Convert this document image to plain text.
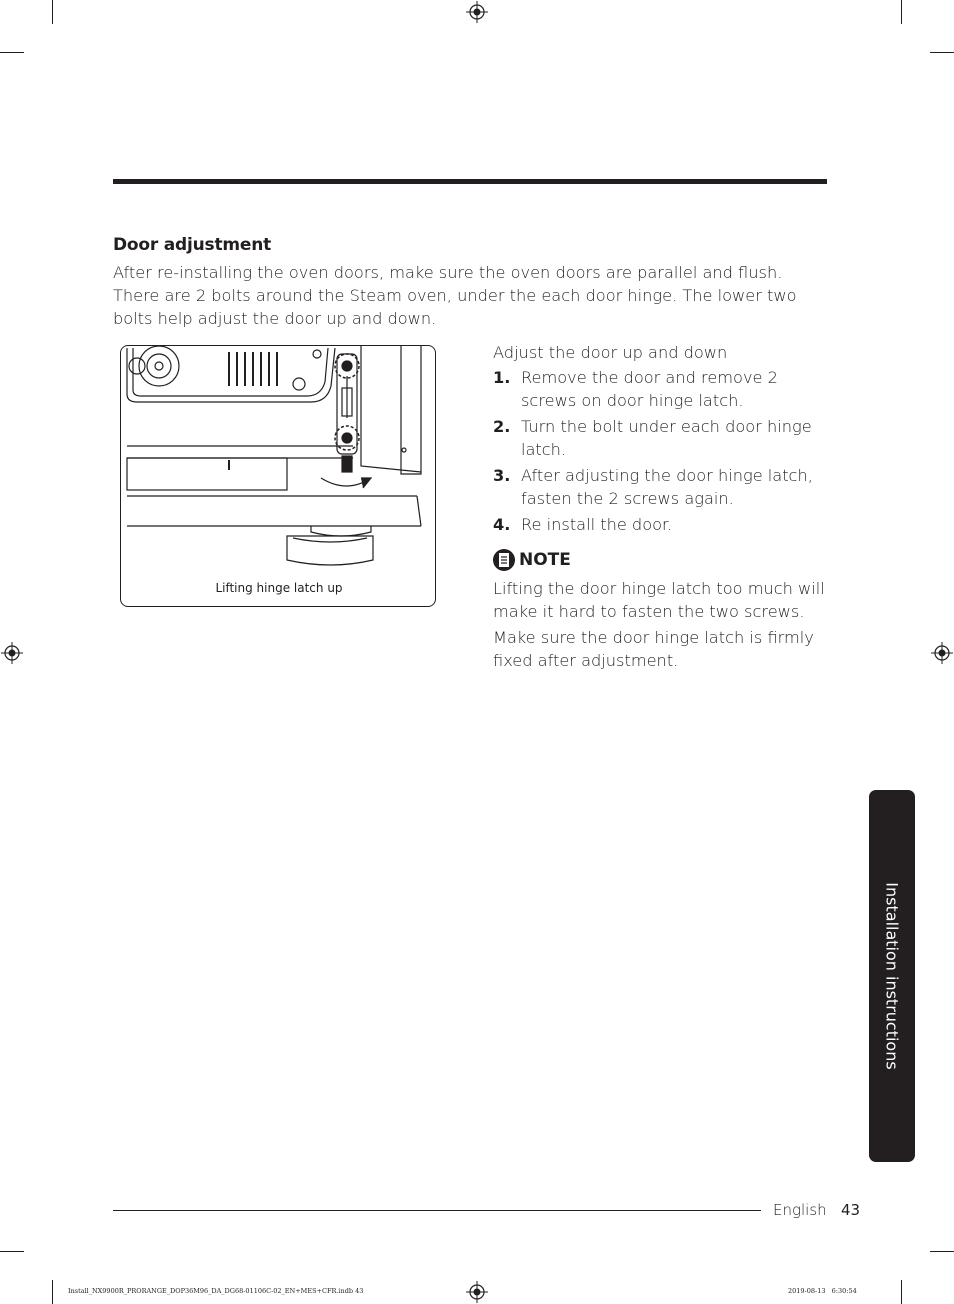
Door adjustment
After re-installing the oven doors, make sure the oven doors are parallel and flush. There are 2 bolts around the Steam oven, under the each door hinge. The lower two bolts help adjust the door up and down.
Lifting hinge latch up
Adjust the door up and down
1. Remove the door and remove 2 screws on door hinge latch.
2. Turn the bolt under each door hinge latch.
3. After adjusting the door hinge latch, fasten the 2 screws again.
4. Re install the door.
NOTE
Lifting the door hinge latch too much will make it hard to fasten the two screws.
Make sure the door hinge latch is firmly fixed after adjustment.
Installation instructions
English 43
Install_NX9900R_PRORANGE_DOP36M96_DA_DG68-01106C-02_EN+MES+CFR.indb 43	2019-08-13   6:30:54
